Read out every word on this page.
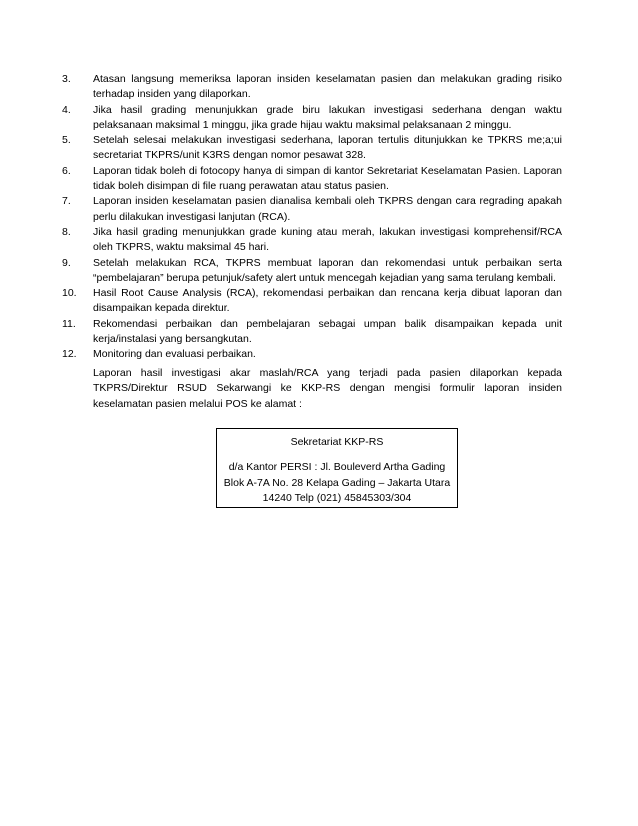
3.	Atasan langsung memeriksa laporan insiden keselamatan pasien dan melakukan grading risiko terhadap insiden yang dilaporkan.
4.	Jika hasil grading menunjukkan grade biru lakukan investigasi sederhana dengan waktu pelaksanaan maksimal 1 minggu, jika grade hijau waktu maksimal pelaksanaan 2 minggu.
5.	Setelah selesai melakukan investigasi sederhana, laporan tertulis ditunjukkan ke TPKRS me;a;ui secretariat TKPRS/unit K3RS dengan nomor pesawat 328.
6.	Laporan tidak boleh di fotocopy hanya di simpan di kantor Sekretariat Keselamatan Pasien. Laporan tidak boleh disimpan di file ruang perawatan atau status pasien.
7.	Laporan insiden keselamatan pasien dianalisa kembali oleh TKPRS dengan cara regrading apakah perlu dilakukan investigasi lanjutan (RCA).
8.	Jika hasil grading menunjukkan grade kuning atau merah, lakukan investigasi komprehensif/RCA oleh TKPRS, waktu maksimal 45 hari.
9.	Setelah melakukan RCA, TKPRS membuat laporan dan rekomendasi untuk perbaikan serta “pembelajaran” berupa petunjuk/safety alert untuk mencegah kejadian yang sama terulang kembali.
10.	Hasil Root Cause Analysis (RCA), rekomendasi perbaikan dan rencana kerja dibuat laporan dan disampaikan kepada direktur.
11.	Rekomendasi perbaikan dan pembelajaran sebagai umpan balik disampaikan kepada unit kerja/instalasi yang bersangkutan.
12.	Monitoring dan evaluasi perbaikan.

Laporan hasil investigasi akar maslah/RCA yang terjadi pada pasien dilaporkan kepada TKPRS/Direktur RSUD Sekarwangi ke KKP-RS dengan mengisi formulir laporan insiden keselamatan pasien melalui POS ke alamat :

Sekretariat KKP-RS
d/a Kantor PERSI : Jl. Bouleverd Artha Gading
Blok A-7A No. 28 Kelapa Gading – Jakarta Utara
14240 Telp (021) 45845303/304
